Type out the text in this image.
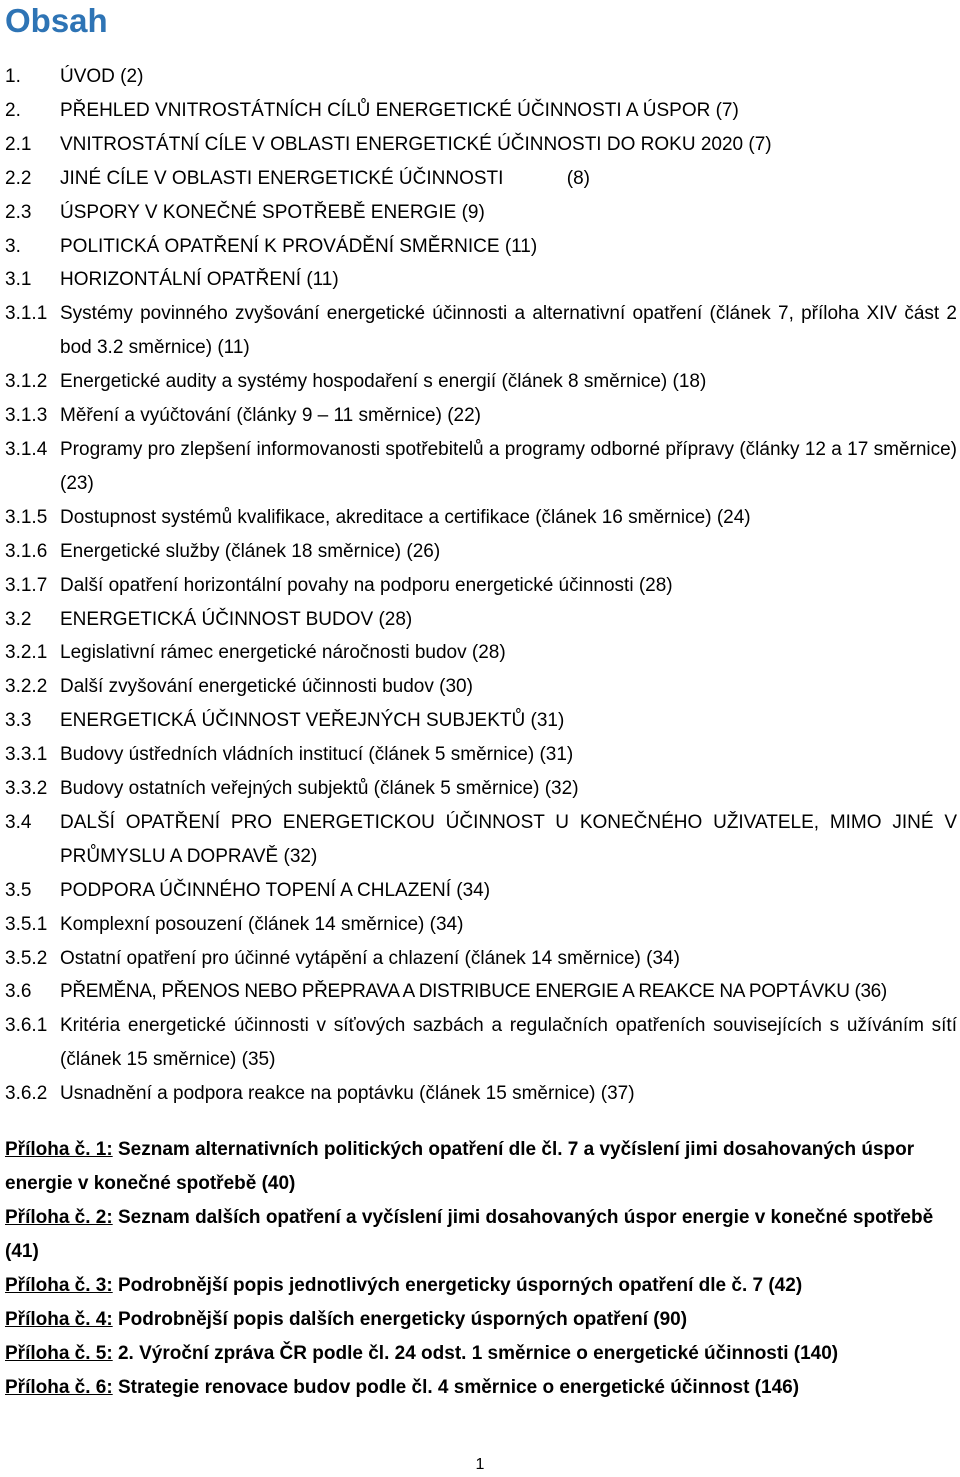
Obsah
1.	ÚVOD (2)
2.	PŘEHLED VNITROSTÁTNÍCH CÍLŮ ENERGETICKÉ ÚČINNOSTI A ÚSPOR (7)
2.1	VNITROSTÁTNÍ CÍLE V OBLASTI ENERGETICKÉ ÚČINNOSTI DO ROKU 2020 (7)
2.2	JINÉ CÍLE V OBLASTI ENERGETICKÉ ÚČINNOSTI            (8)
2.3	ÚSPORY V KONEČNÉ SPOTŘEBĚ ENERGIE (9)
3.	POLITICKÁ OPATŘENÍ K PROVÁDĚNÍ SMĚRNICE (11)
3.1	HORIZONTÁLNÍ OPATŘENÍ (11)
3.1.1 Systémy povinného zvyšování energetické účinnosti a alternativní opatření (článek 7, příloha XIV část 2 bod 3.2 směrnice) (11)
3.1.2 Energetické audity a systémy hospodaření s energií (článek 8 směrnice) (18)
3.1.3 Měření a vyúčtování (články 9 – 11 směrnice) (22)
3.1.4 Programy pro zlepšení informovanosti spotřebitelů a programy odborné přípravy (články 12 a 17 směrnice) (23)
3.1.5 Dostupnost systémů kvalifikace, akreditace a certifikace (článek 16 směrnice) (24)
3.1.6 Energetické služby (článek 18 směrnice) (26)
3.1.7 Další opatření horizontální povahy na podporu energetické účinnosti (28)
3.2	ENERGETICKÁ ÚČINNOST BUDOV (28)
3.2.1 Legislativní rámec energetické náročnosti budov (28)
3.2.2 Další zvyšování energetické účinnosti budov (30)
3.3	ENERGETICKÁ ÚČINNOST VEŘEJNÝCH SUBJEKTŮ (31)
3.3.1 Budovy ústředních vládních institucí (článek 5 směrnice) (31)
3.3.2 Budovy ostatních veřejných subjektů (článek 5 směrnice) (32)
3.4	DALŠÍ OPATŘENÍ PRO ENERGETICKOU ÚČINNOST U KONEČNÉHO UŽIVATELE, MIMO JINÉ V PRŮMYSLU A DOPRAVĚ (32)
3.5	PODPORA ÚČINNÉHO TOPENÍ A CHLAZENÍ (34)
3.5.1 Komplexní posouzení (článek 14 směrnice) (34)
3.5.2 Ostatní opatření pro účinné vytápění a chlazení (článek 14 směrnice) (34)
3.6	PŘEMĚNA, PŘENOS NEBO PŘEPRAVA A DISTRIBUCE ENERGIE A REAKCE NA POPTÁVKU (36)
3.6.1 Kritéria energetické účinnosti v síťových sazbách a regulačních opatřeních souvisejících s užíváním sítí (článek 15 směrnice) (35)
3.6.2 Usnadnění a podpora reakce na poptávku (článek 15 směrnice) (37)
Příloha č. 1: Seznam alternativních politických opatření dle čl. 7 a vyčíslení jimi dosahovaných úspor energie v konečné spotřebě (40)
Příloha č. 2: Seznam dalších opatření a vyčíslení jimi dosahovaných úspor energie v konečné spotřebě (41)
Příloha č. 3: Podrobnější popis jednotlivých energeticky úsporných opatření dle č. 7 (42)
Příloha č. 4: Podrobnější popis dalších energeticky úsporných opatření (90)
Příloha č. 5: 2. Výroční zpráva ČR podle čl. 24 odst. 1 směrnice o energetické účinnosti (140)
Příloha č. 6: Strategie renovace budov podle čl. 4 směrnice o energetické účinnost (146)
1
